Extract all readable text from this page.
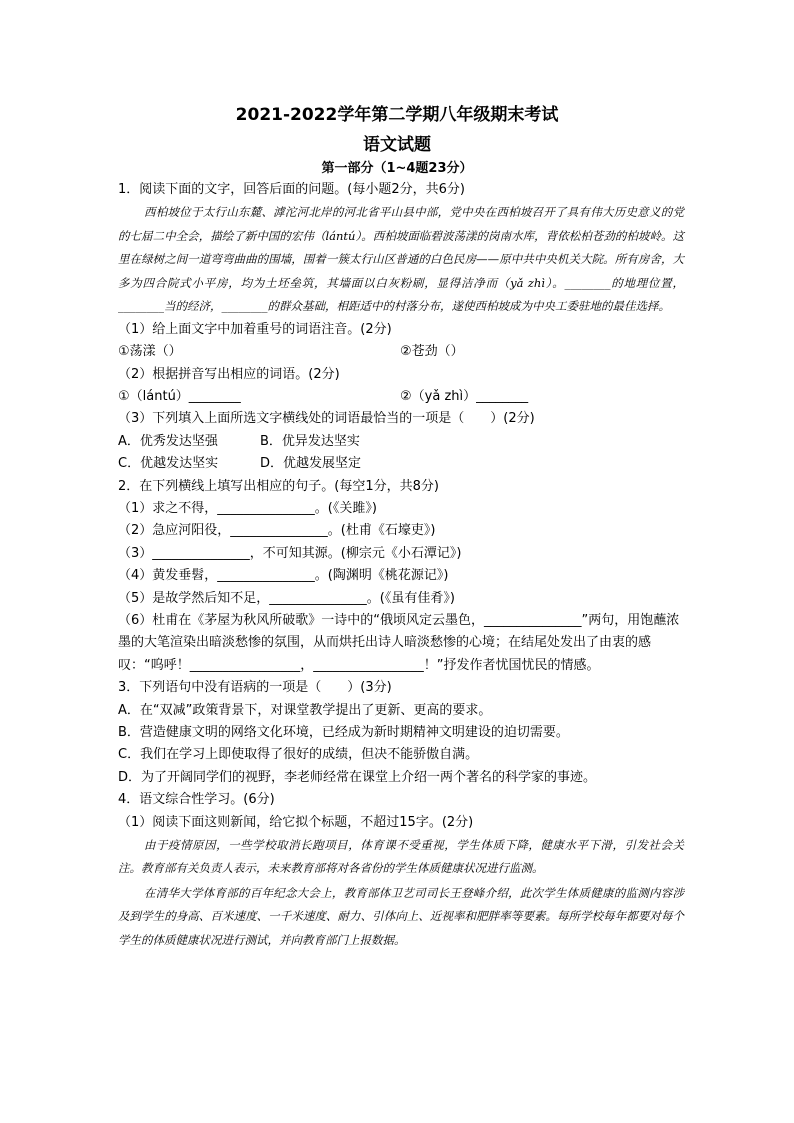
2021-2022学年第二学期八年级期末考试
语文试题
第一部分（1~4题23分）
1．阅读下面的文字，回答后面的问题。(每小题2分，共6分)
西柏坡位于太行山东麓、滹沱河北岸的河北省平山县中部，党中央在西柏坡召开了具有伟大历史意义的党的七届二中全会，描绘了新中国的宏伟（lántú）。西柏坡面临碧波荡漾的岗南水库，背依松柏苍劲的柏坡岭。这里在绿树之间一道弯弯曲曲的围墙，围着一簇太行山区普通的白色民房——原中共中央机关大院。所有房舍，大多为四合院式小平房，均为土坯垒筑，其墙面以白灰粉刷，显得洁净而（yǎ zhì）。________的地理位置，________当的经济，________的群众基础，相距适中的村落分布，遂使西柏坡成为中央工委驻地的最佳选择。
（1）给上面文字中加着重号的词语注音。(2分)
①荡漾（）	②苍劲（）
（2）根据拼音写出相应的词语。(2分)
①（lántú）________	②（yǎ zhì）________
（3）下列填入上面所选文字横线处的词语最恰当的一项是（　　）(2分)
A．优秀发达坚强	B．优异发达坚实
C．优越发达坚实	D．优越发展坚定
2．在下列横线上填写出相应的句子。(每空1分，共8分)
（1）求之不得，_______________。(《关雎》)
（2）急应河阳役，_______________。(杜甫《石壕吏》)
（3）_______________，不可知其源。(柳宗元《小石潭记》)
（4）黄发垂髫，_______________。(陶渊明《桃花源记》)
（5）是故学然后知不足，_______________。(《虽有佳肴》)
（6）杜甫在《茅屋为秋风所破歌》一诗中的“俄顷风定云墨色，_______________”两句，用饱蘸浓墨的大笔渲染出暗淡愁惨的氛围，从而烘托出诗人暗淡愁惨的心境；在结尾处发出了由衷的感叹：“呜呼！_________________，_________________！”抒发作者忧国忧民的情感。
3．下列语句中没有语病的一项是（　　）(3分)
A．在“双减”政策背景下，对课堂教学提出了更新、更高的要求。
B．营造健康文明的网络文化环境，已经成为新时期精神文明建设的迫切需要。
C．我们在学习上即使取得了很好的成绩，但决不能骄傲自满。
D．为了开阔同学们的视野，李老师经常在课堂上介绍一两个著名的科学家的事迹。
4．语文综合性学习。(6分)
（1）阅读下面这则新闻，给它拟个标题，不超过15字。(2分)
由于疫情原因，一些学校取消长跑项目，体育课不受重视，学生体质下降，健康水平下滑，引发社会关注。教育部有关负责人表示，未来教育部将对各省份的学生体质健康状况进行监测。
在清华大学体育部的百年纪念大会上，教育部体卫艺司司长王登峰介绍，此次学生体质健康的监测内容涉及到学生的身高、百米速度、一千米速度、耐力、引体向上、近视率和肥胖率等要素。每所学校每年都要对每个学生的体质健康状况进行测试，并向教育部门上报数据。
